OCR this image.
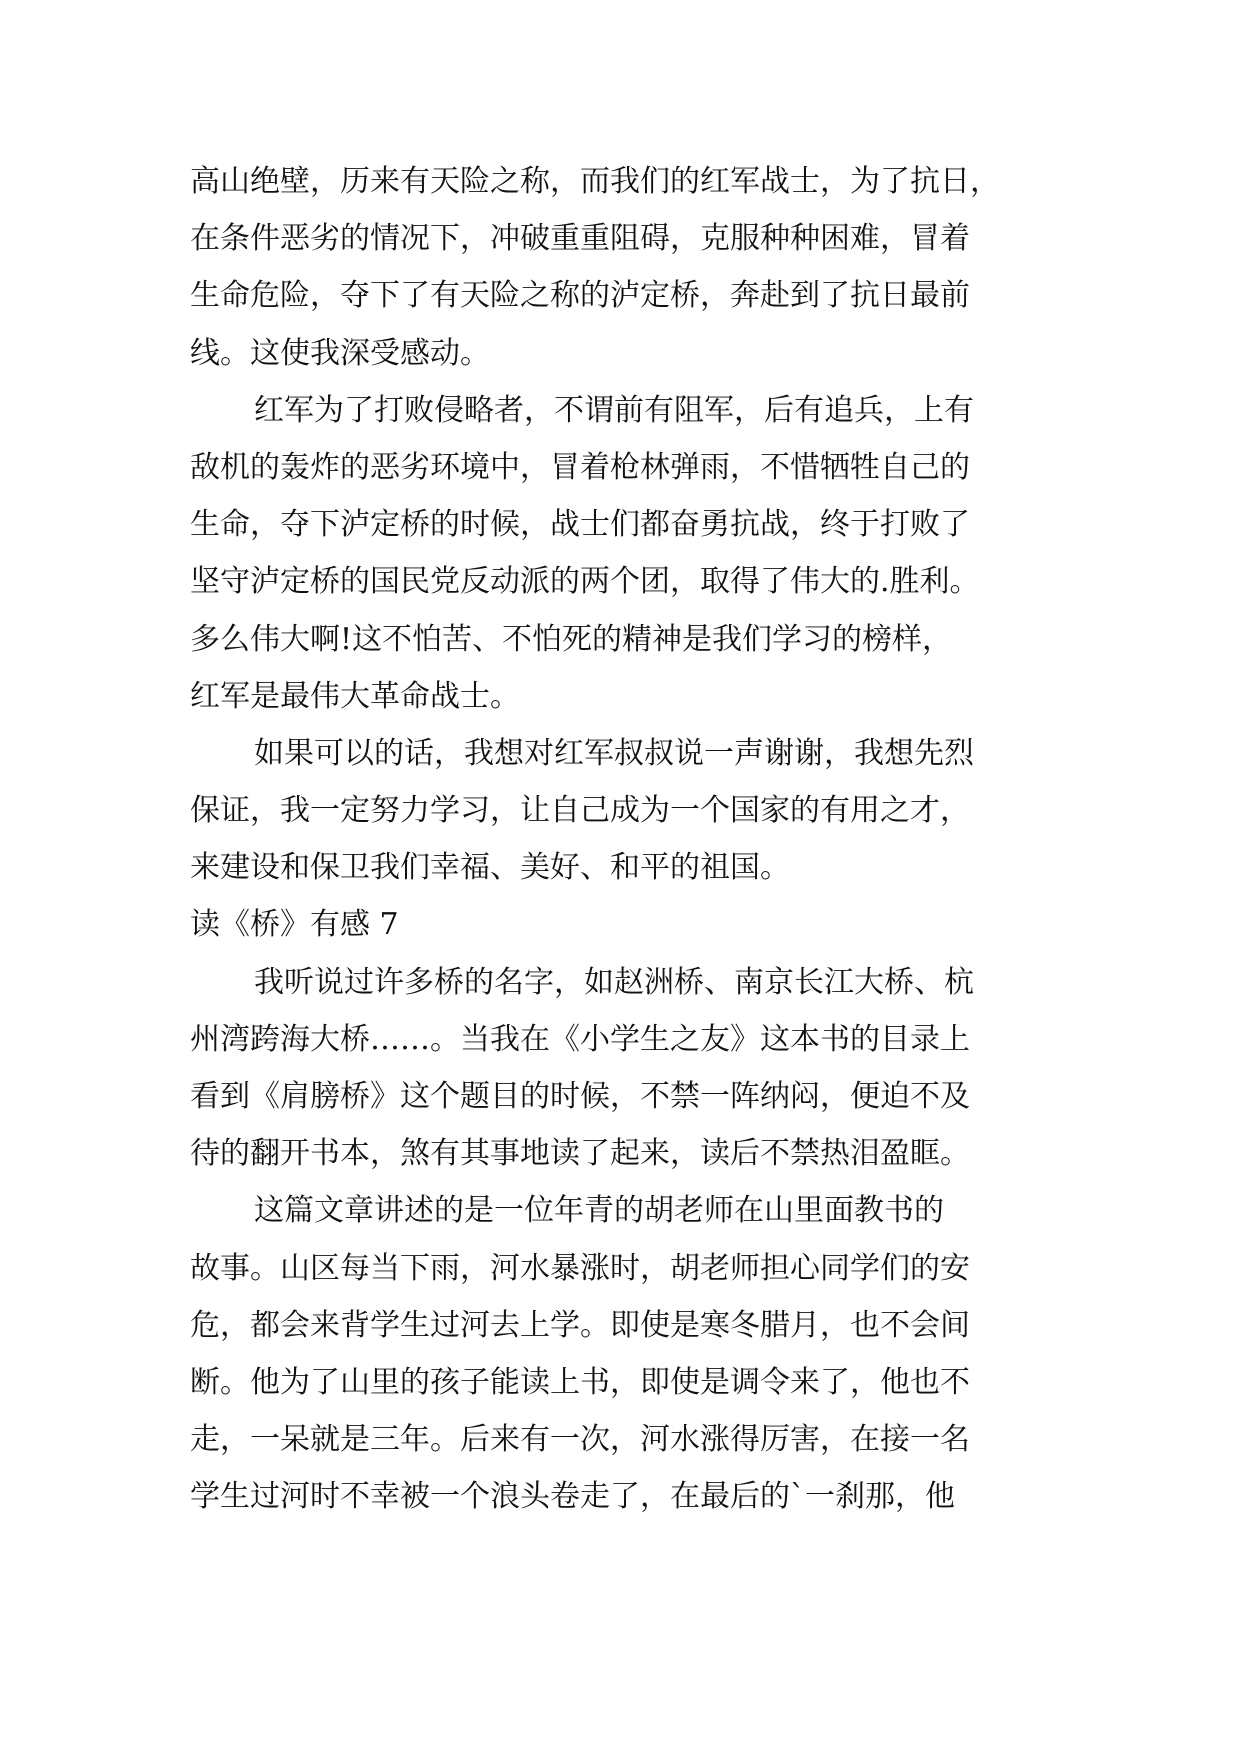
高山绝壁，历来有天险之称，而我们的红军战士，为了抗日，
在条件恶劣的情况下，冲破重重阻碍，克服种种困难，冒着
生命危险，夺下了有天险之称的泸定桥，奔赴到了抗日最前
线。这使我深受感动。
红军为了打败侵略者，不谓前有阻军，后有追兵，上有
敌机的轰炸的恶劣环境中，冒着枪林弹雨，不惜牺牲自己的
生命，夺下泸定桥的时候，战士们都奋勇抗战，终于打败了
坚守泸定桥的国民党反动派的两个团，取得了伟大的.胜利。
多么伟大啊!这不怕苦、不怕死的精神是我们学习的榜样，
红军是最伟大革命战士。
如果可以的话，我想对红军叔叔说一声谢谢，我想先烈
保证，我一定努力学习，让自己成为一个国家的有用之才，
来建设和保卫我们幸福、美好、和平的祖国。
读《桥》有感 7
我听说过许多桥的名字，如赵洲桥、南京长江大桥、杭
州湾跨海大桥……。当我在《小学生之友》这本书的目录上
看到《肩膀桥》这个题目的时候，不禁一阵纳闷，便迫不及
待的翻开书本，煞有其事地读了起来，读后不禁热泪盈眶。
这篇文章讲述的是一位年青的胡老师在山里面教书的
故事。山区每当下雨，河水暴涨时，胡老师担心同学们的安
危，都会来背学生过河去上学。即使是寒冬腊月，也不会间
断。他为了山里的孩子能读上书，即使是调令来了，他也不
走，一呆就是三年。后来有一次，河水涨得厉害，在接一名
学生过河时不幸被一个浪头卷走了，在最后的`一刹那，他
